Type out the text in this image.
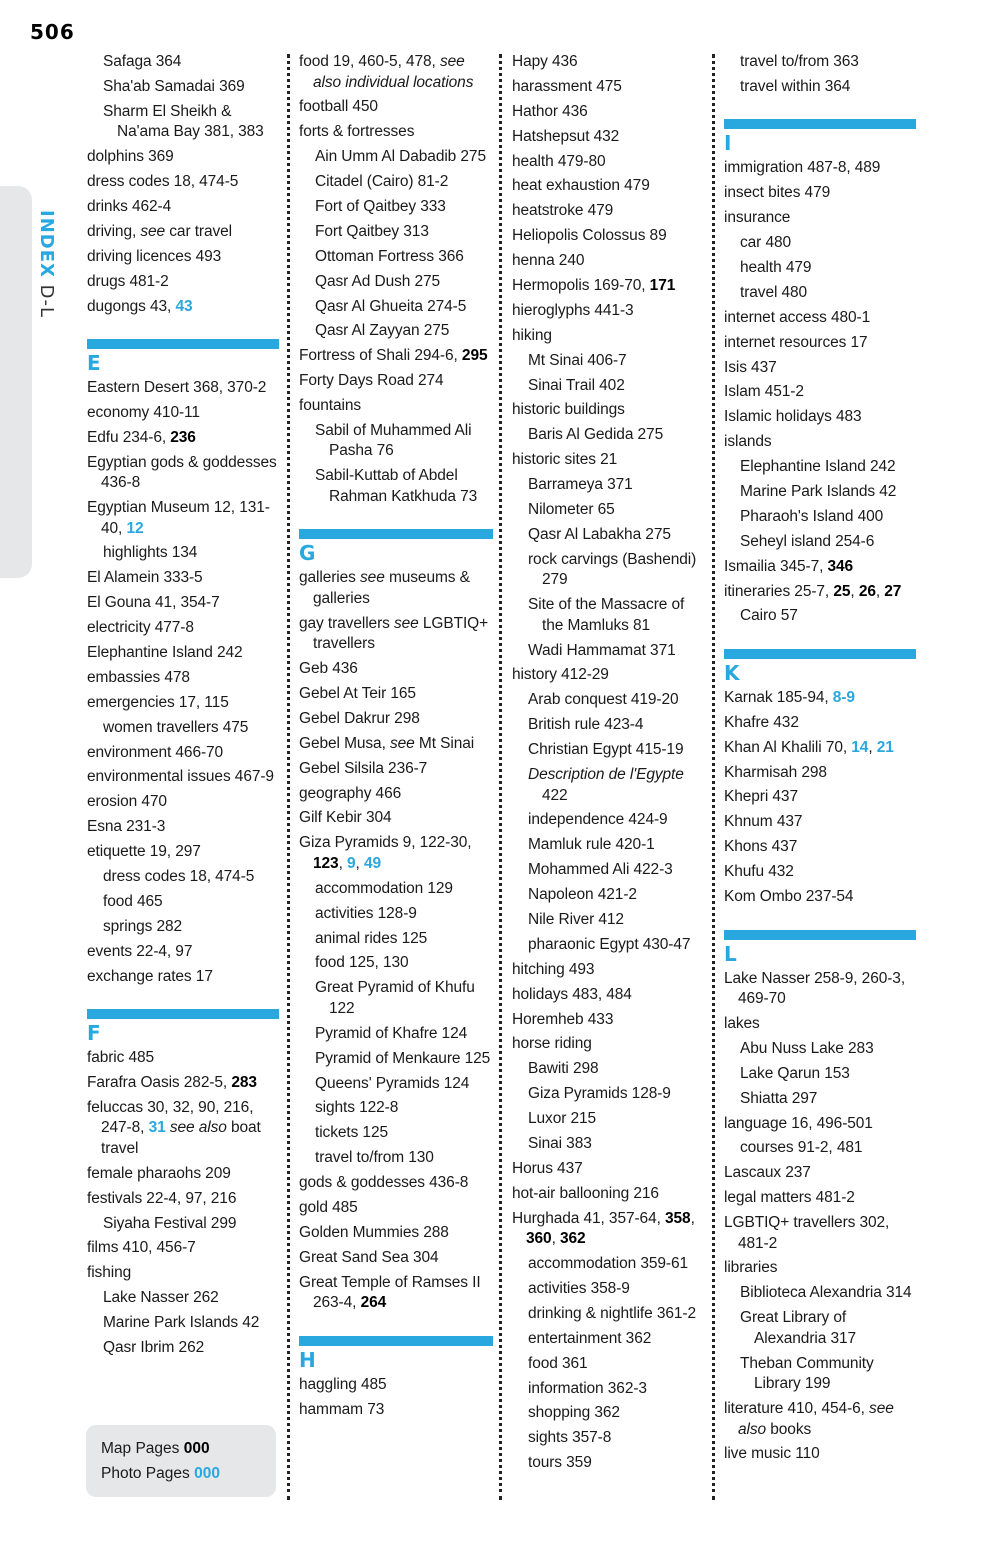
506
INDEX D-L
Safaga 364
Sha'ab Samadai 369
Sharm El Sheikh & Na'ama Bay 381, 383
dolphins 369
dress codes 18, 474-5
drinks 462-4
driving, see car travel
driving licences 493
drugs 481-2
dugongs 43, 43
E
Eastern Desert 368, 370-2
economy 410-11
Edfu 234-6, 236
Egyptian gods & goddesses 436-8
Egyptian Museum 12, 131-40, 12
highlights 134
El Alamein 333-5
El Gouna 41, 354-7
electricity 477-8
Elephantine Island 242
embassies 478
emergencies 17, 115
women travellers 475
environment 466-70
environmental issues 467-9
erosion 470
Esna 231-3
etiquette 19, 297
dress codes 18, 474-5
food 465
springs 282
events 22-4, 97
exchange rates 17
F
fabric 485
Farafra Oasis 282-5, 283
feluccas 30, 32, 90, 216, 247-8, 31 see also boat travel
female pharaohs 209
festivals 22-4, 97, 216
Siyaha Festival 299
films 410, 456-7
fishing
Lake Nasser 262
Marine Park Islands 42
Qasr Ibrim 262
food 19, 460-5, 478, see also individual locations
football 450
forts & fortresses
Ain Umm Al Dabadib 275
Citadel (Cairo) 81-2
Fort of Qaitbey 333
Fort Qaitbey 313
Ottoman Fortress 366
Qasr Ad Dush 275
Qasr Al Ghueita 274-5
Qasr Al Zayyan 275
Fortress of Shali 294-6, 295
Forty Days Road 274
fountains
Sabil of Muhammed Ali Pasha 76
Sabil-Kuttab of Abdel Rahman Katkhuda 73
G
galleries see museums & galleries
gay travellers see LGBTIQ+ travellers
Geb 436
Gebel At Teir 165
Gebel Dakrur 298
Gebel Musa, see Mt Sinai
Gebel Silsila 236-7
geography 466
Gilf Kebir 304
Giza Pyramids 9, 122-30, 123, 9, 49
accommodation 129
activities 128-9
animal rides 125
food 125, 130
Great Pyramid of Khufu 122
Pyramid of Khafre 124
Pyramid of Menkaure 125
Queens' Pyramids 124
sights 122-8
tickets 125
travel to/from 130
gods & goddesses 436-8
gold 485
Golden Mummies 288
Great Sand Sea 304
Great Temple of Ramses II 263-4, 264
H
haggling 485
hammam 73
Hapy 436
harassment 475
Hathor 436
Hatshepsut 432
health 479-80
heat exhaustion 479
heatstroke 479
Heliopolis Colossus 89
henna 240
Hermopolis 169-70, 171
hieroglyphs 441-3
hiking
Mt Sinai 406-7
Sinai Trail 402
historic buildings
Baris Al Gedida 275
historic sites 21
Barrameya 371
Nilometer 65
Qasr Al Labakha 275
rock carvings (Bashendi) 279
Site of the Massacre of the Mamluks 81
Wadi Hammamat 371
history 412-29
Arab conquest 419-20
British rule 423-4
Christian Egypt 415-19
Description de l'Egypte 422
independence 424-9
Mamluk rule 420-1
Mohammed Ali 422-3
Napoleon 421-2
Nile River 412
pharaonic Egypt 430-47
hitching 493
holidays 483, 484
Horemheb 433
horse riding
Bawiti 298
Giza Pyramids 128-9
Luxor 215
Sinai 383
Horus 437
hot-air ballooning 216
Hurghada 41, 357-64, 358, 360, 362
accommodation 359-61
activities 358-9
drinking & nightlife 361-2
entertainment 362
food 361
information 362-3
shopping 362
sights 357-8
tours 359
travel to/from 363
travel within 364
I
immigration 487-8, 489
insect bites 479
insurance
car 480
health 479
travel 480
internet access 480-1
internet resources 17
Isis 437
Islam 451-2
Islamic holidays 483
islands
Elephantine Island 242
Marine Park Islands 42
Pharaoh's Island 400
Seheyl island 254-6
Ismailia 345-7, 346
itineraries 25-7, 25, 26, 27
Cairo 57
K
Karnak 185-94, 8-9
Khafre 432
Khan Al Khalili 70, 14, 21
Kharmisah 298
Khepri 437
Khnum 437
Khons 437
Khufu 432
Kom Ombo 237-54
L
Lake Nasser 258-9, 260-3, 469-70
lakes
Abu Nuss Lake 283
Lake Qarun 153
Shiatta 297
language 16, 496-501
courses 91-2, 481
Lascaux 237
legal matters 481-2
LGBTIQ+ travellers 302, 481-2
libraries
Biblioteca Alexandria 314
Great Library of Alexandria 317
Theban Community Library 199
literature 410, 454-6, see also books
live music 110
Map Pages 000
Photo Pages 000
